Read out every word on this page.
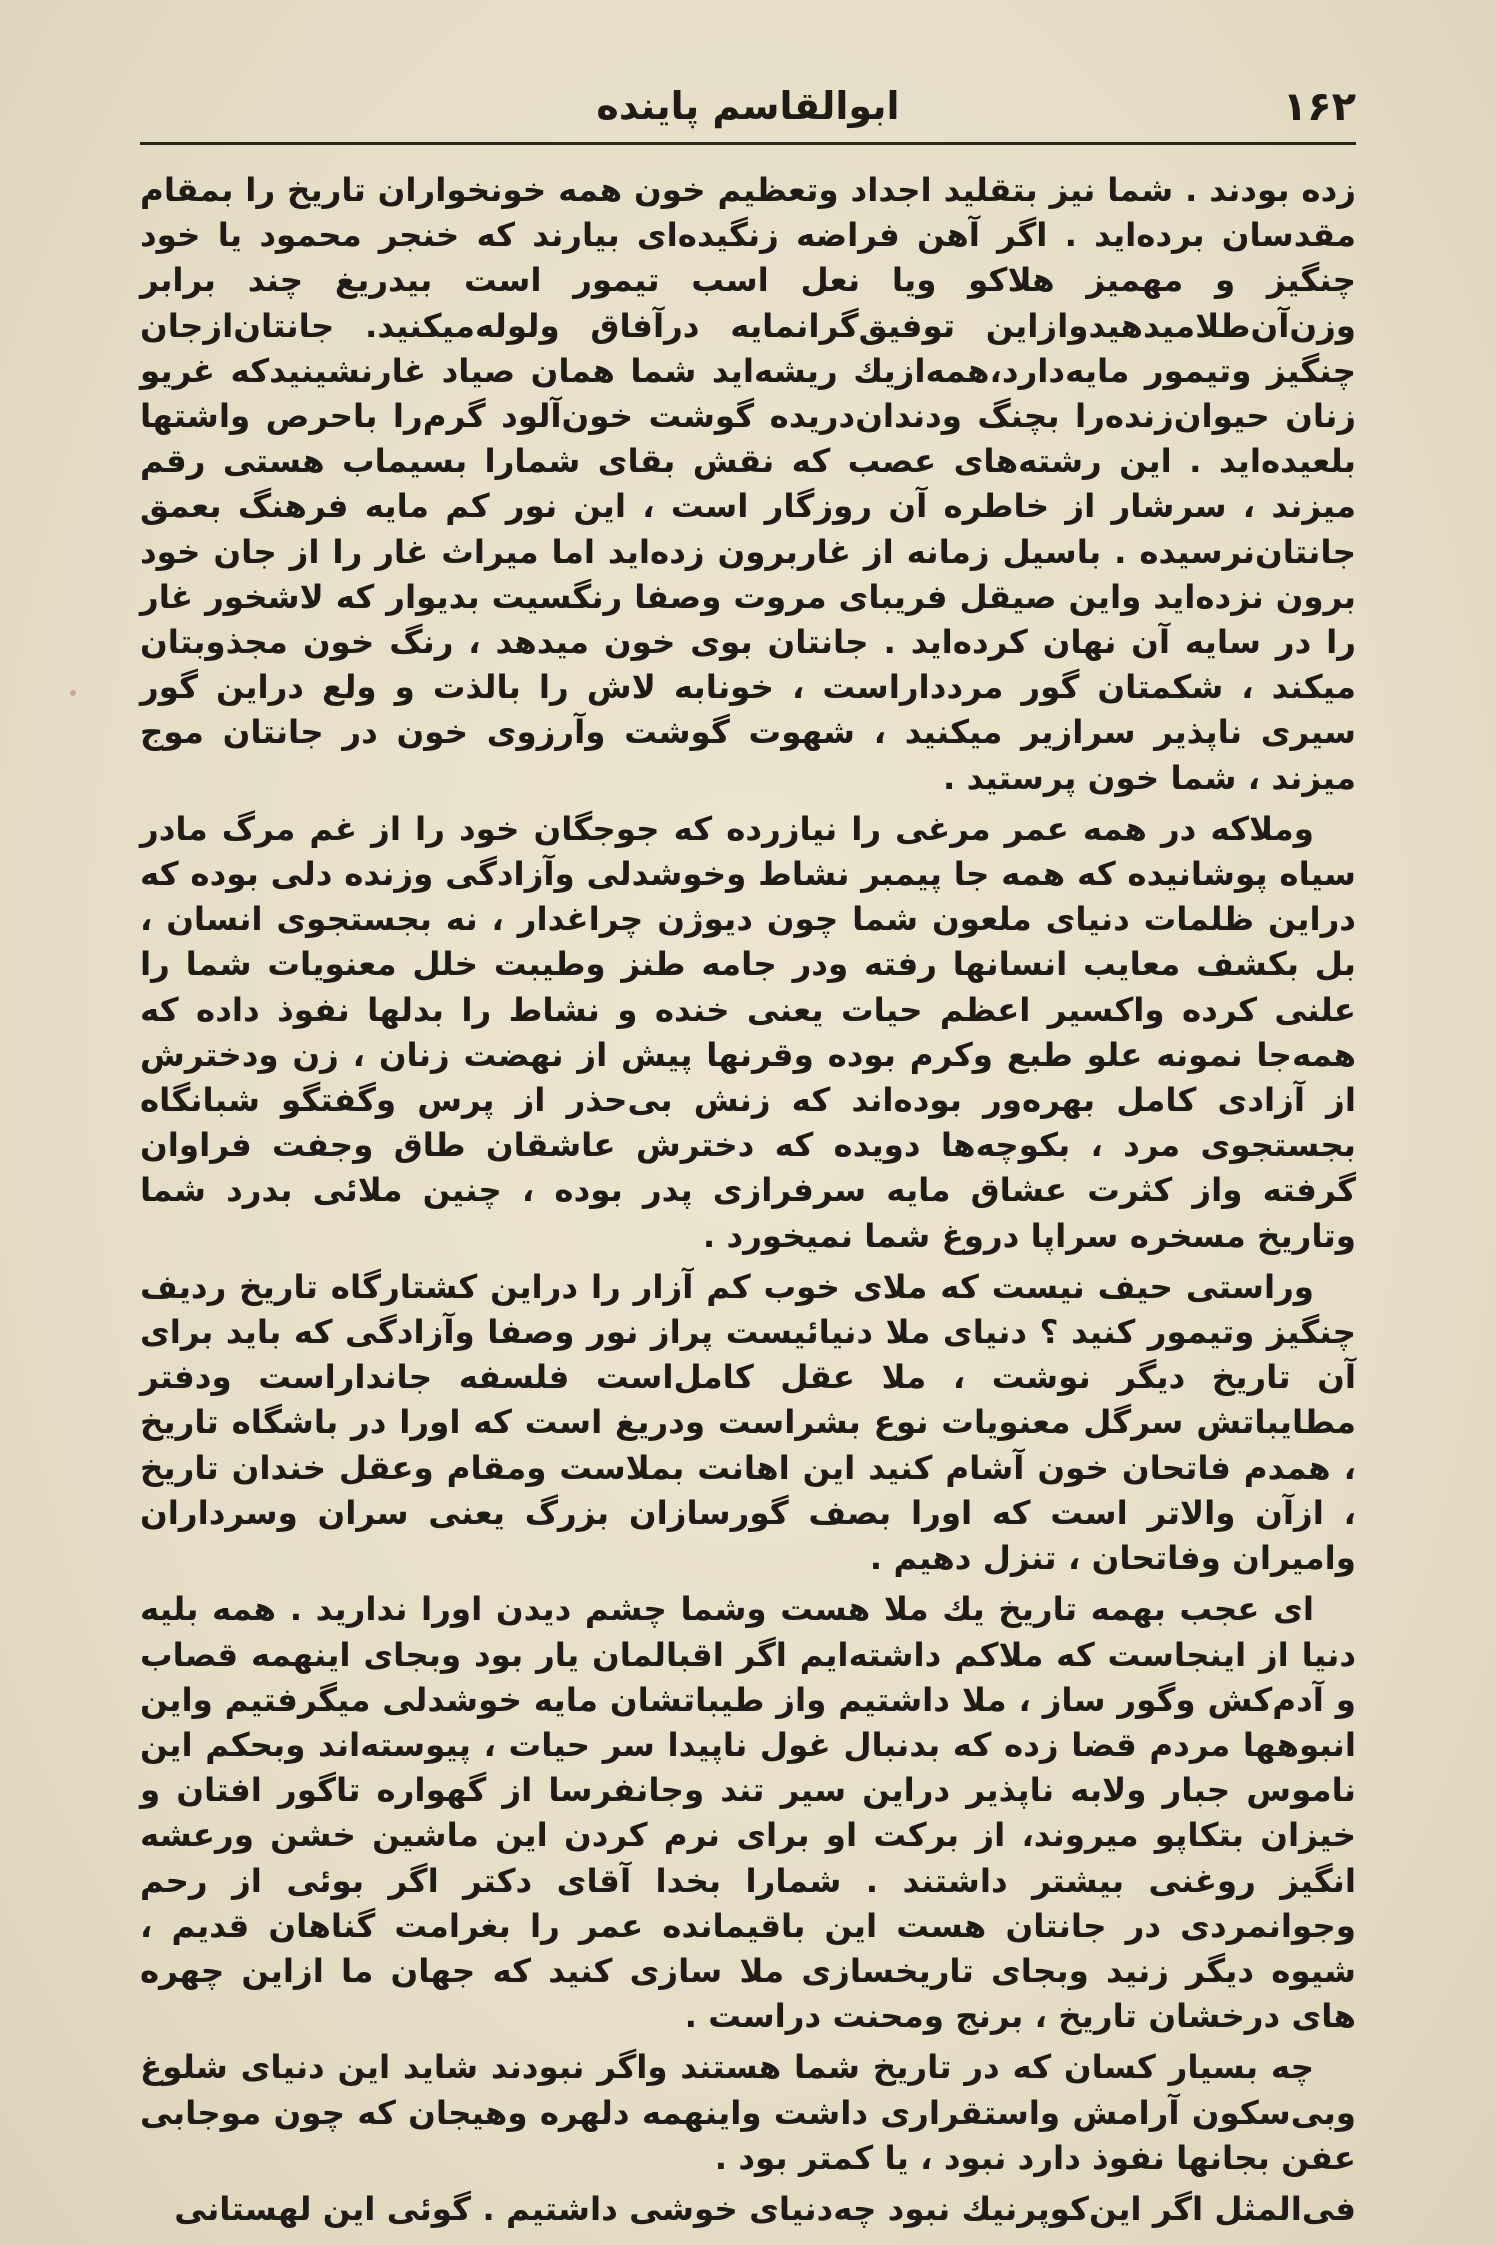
۱۶۲
ابوالقاسم پاینده

زده بودند . شما نیز بتقلید اجداد وتعظیم خون همه خونخواران تاریخ را بمقام مقدسان برده‌اید . اگر آهن فراضه زنگیده‌ای بیارند که خنجر محمود یا خود چنگیز و مهمیز هلاکو ویا نعل اسب تیمور است بیدریغ چند برابر وزن‌آن‌طلامیدهیدوازاین توفیق‌گرانمایه درآفاق ولوله‌میکنید. جانتان‌ازجان چنگیز وتیمور مایه‌دارد،همه‌ازیك ریشه‌اید شما همان صیاد غارنشینیدکه غریو زنان حیوان‌زنده‌را بچنگ ودندان‌دریده گوشت خون‌آلود گرم‌را باحرص واشتها بلعیده‌اید . این رشته‌های عصب که نقش بقای شمارا بسیماب هستی رقم میزند ، سرشار از خاطره آن روزگار است ، این نور کم مایه فرهنگ بعمق جانتان‌نرسیده . باسیل زمانه از غاربرون زده‌اید اما میراث غار را از جان خود برون نزده‌اید واین صیقل فریبای مروت وصفا رنگسیت بدیوار که لاشخور غار را در سایه آن نهان کرده‌اید . جانتان بوی خون میدهد ، رنگ خون مجذوبتان میکند ، شکمتان گور مردداراست ، خونابه لاش را بالذت و ولع دراین گور سیری ناپذیر سرازیر میکنید ، شهوت گوشت وآرزوی خون در جانتان موج میزند ، شما خون پرستید .

وملاکه در همه عمر مرغی را نیازرده که جوجگان خود را از غم مرگ مادر سیاه پوشانیده که همه جا پیمبر نشاط وخوشدلی وآزادگی وزنده دلی بوده که دراین ظلمات دنیای ملعون شما چون دیوژن چراغدار ، نه بجستجوی انسان ، بل بکشف معایب انسانها رفته ودر جامه طنز وطیبت خلل معنویات شما را علنی کرده واکسیر اعظم حیات یعنی خنده و نشاط را بدلها نفوذ داده که همه‌جا نمونه علو طبع وکرم بوده وقرنها پیش از نهضت زنان ، زن ودخترش از آزادی کامل بهره‌ور بوده‌اند که زنش بی‌حذر از پرس وگفتگو شبانگاه بجستجوی مرد ، بکوچه‌ها دویده که دخترش عاشقان طاق وجفت فراوان گرفته واز کثرت عشاق مایه سرفرازی پدر بوده ، چنین ملائی بدرد شما وتاریخ مسخره سراپا دروغ شما نمیخورد .

وراستی حیف نیست که ملای خوب کم آزار را دراین کشتارگاه تاریخ ردیف چنگیز وتیمور کنید ؟ دنیای ملا دنیائیست پراز نور وصفا وآزادگی که باید برای آن تاریخ دیگر نوشت ، ملا عقل کامل‌است فلسفه جانداراست ودفتر مطایباتش سرگل معنویات نوع بشراست ودریغ است که اورا در باشگاه تاریخ ، همدم فاتحان خون آشام کنید این اهانت بملاست ومقام وعقل خندان تاریخ ، ازآن والاتر است که اورا بصف گورسازان بزرگ یعنی سران وسرداران وامیران وفاتحان ، تنزل دهیم .

ای عجب بهمه تاریخ یك ملا هست وشما چشم دیدن اورا ندارید . همه بلیه دنیا از اینجاست که ملاکم داشته‌ایم اگر اقبالمان یار بود وبجای اینهمه قصاب و آدم‌کش وگور ساز ، ملا داشتیم واز طیباتشان مایه خوشدلی میگرفتیم واین انبوهها مردم قضا زده که بدنبال غول ناپیدا سر حیات ، پیوسته‌اند وبحکم این ناموس جبار ولابه ناپذیر دراین سیر تند وجانفرسا از گهواره تاگور افتان و خیزان بتکاپو میروند، از برکت او برای نرم کردن این ماشین خشن ورعشه انگیز روغنی بیشتر داشتند . شمارا بخدا آقای دکتر اگر بوئی از رحم وجوانمردی در جانتان هست این باقیمانده عمر را بغرامت گناهان قدیم ، شیوه دیگر زنید وبجای تاریخسازی ملا سازی کنید که جهان ما ازاین چهره های درخشان تاریخ ، برنج ومحنت دراست .

چه بسیار کسان که در تاریخ شما هستند واگر نبودند شاید این دنیای شلوغ وبی‌سکون آرامش واستقراری داشت واینهمه دلهره وهیجان که چون موجابی عفن بجانها نفوذ دارد نبود ، یا کمتر بود .

فی‌المثل اگر این‌کوپرنیك نبود چه‌دنیای خوشی داشتیم . گوئی این لهستانی
